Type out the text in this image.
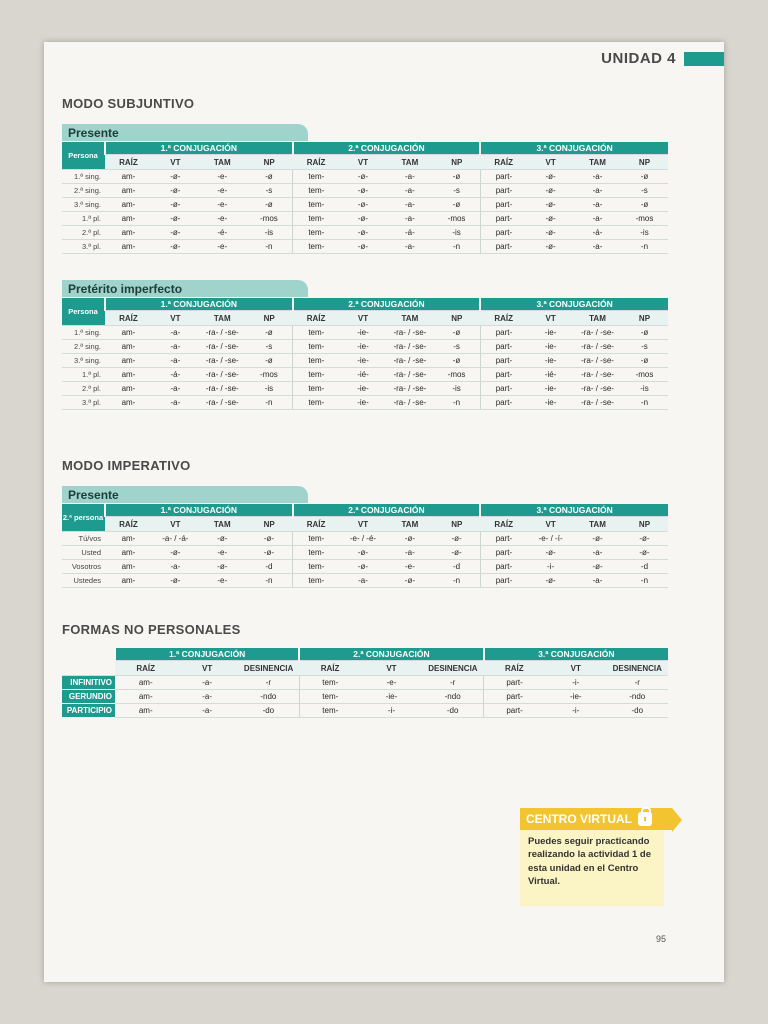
UNIDAD 4
MODO SUBJUNTIVO
Presente
Persona	1.ª CONJUGACIÓN				2.ª CONJUGACIÓN				3.ª CONJUGACIÓN			
	RAÍZ	VT	TAM	NP	RAÍZ	VT	TAM	NP	RAÍZ	VT	TAM	NP
1.ª sing.	am-	-ø-	-e-	-ø	tem-	-ø-	-a-	-ø	part-	-ø-	-a-	-ø
2.ª sing.	am-	-ø-	-e-	-s	tem-	-ø-	-a-	-s	part-	-ø-	-a-	-s
3.ª sing.	am-	-ø-	-e-	-ø	tem-	-ø-	-a-	-ø	part-	-ø-	-a-	-ø
1.ª pl.	am-	-ø-	-e-	-mos	tem-	-ø-	-a-	-mos	part-	-ø-	-a-	-mos
2.ª pl.	am-	-ø-	-é-	-is	tem-	-ø-	-á-	-is	part-	-ø-	-á-	-is
3.ª pl.	am-	-ø-	-e-	-n	tem-	-ø-	-a-	-n	part-	-ø-	-a-	-n
Pretérito imperfecto
Persona	1.ª CONJUGACIÓN				2.ª CONJUGACIÓN				3.ª CONJUGACIÓN			
	RAÍZ	VT	TAM	NP	RAÍZ	VT	TAM	NP	RAÍZ	VT	TAM	NP
1.ª sing.	am-	-a-	-ra- / -se-	-ø	tem-	-ie-	-ra- / -se-	-ø	part-	-ie-	-ra- / -se-	-ø
2.ª sing.	am-	-a-	-ra- / -se-	-s	tem-	-ie-	-ra- / -se-	-s	part-	-ie-	-ra- / -se-	-s
3.ª sing.	am-	-a-	-ra- / -se-	-ø	tem-	-ie-	-ra- / -se-	-ø	part-	-ie-	-ra- / -se-	-ø
1.ª pl.	am-	-á-	-ra- / -se-	-mos	tem-	-ié-	-ra- / -se-	-mos	part-	-ié-	-ra- / -se-	-mos
2.ª pl.	am-	-a-	-ra- / -se-	-is	tem-	-ie-	-ra- / -se-	-is	part-	-ie-	-ra- / -se-	-is
3.ª pl.	am-	-a-	-ra- / -se-	-n	tem-	-ie-	-ra- / -se-	-n	part-	-ie-	-ra- / -se-	-n
MODO IMPERATIVO
Presente
2.ª persona	1.ª CONJUGACIÓN				2.ª CONJUGACIÓN				3.ª CONJUGACIÓN			
	RAÍZ	VT	TAM	NP	RAÍZ	VT	TAM	NP	RAÍZ	VT	TAM	NP
Tú/vos	am-	-a- / -á-	-ø-	-ø-	tem-	-e- / -é-	-ø-	-ø-	part-	-e- / -í-	-ø-	-ø-
Usted	am-	-ø-	-e-	-ø-	tem-	-ø-	-a-	-ø-	part-	-ø-	-a-	-ø-
Vosotros	am-	-a-	-ø-	-d	tem-	-ø-	-e-	-d	part-	-i-	-ø-	-d
Ustedes	am-	-ø-	-e-	-n	tem-	-a-	-ø-	-n	part-	-ø-	-a-	-n
FORMAS NO PERSONALES
	1.ª CONJUGACIÓN			2.ª CONJUGACIÓN			3.ª CONJUGACIÓN		
	RAÍZ	VT	DESINENCIA	RAÍZ	VT	DESINENCIA	RAÍZ	VT	DESINENCIA
INFINITIVO	am-	-a-	-r	tem-	-e-	-r	part-	-i-	-r
GERUNDIO	am-	-a-	-ndo	tem-	-ie-	-ndo	part-	-ie-	-ndo
PARTICIPIO	am-	-a-	-do	tem-	-i-	-do	part-	-i-	-do
CENTRO VIRTUAL
Puedes seguir practicando realizando la actividad 1 de esta unidad en el Centro Virtual.
95
